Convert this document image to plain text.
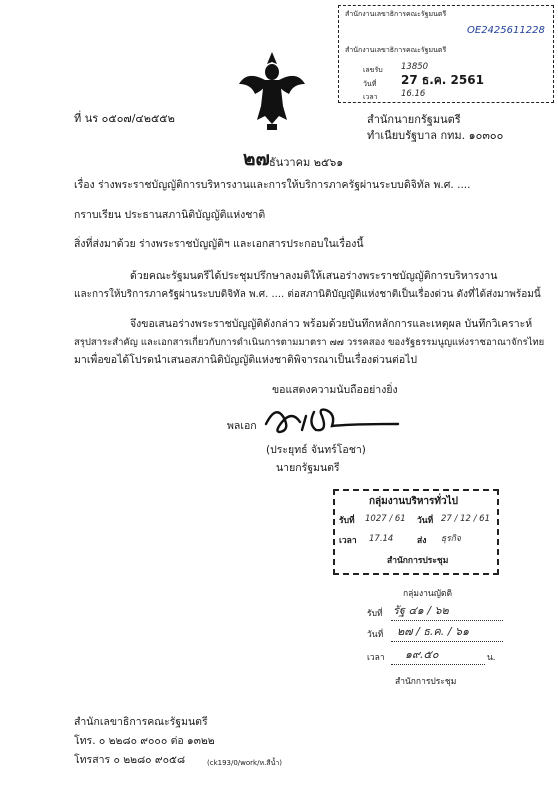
สำนักงานเลขาธิการคณะรัฐมนตรี
OE2425611228
สำนักงานเลขาธิการคณะรัฐมนตรี
เลขรับ 13850
วันที่ 27 ธ.ค. 2561
เวลา	16.16
ที่ นร ๐๕๐๗/๔๒๕๕๒	สำนักนายกรัฐมนตรี
ทำเนียบรัฐบาล กทม. ๑๐๓๐๐
๒๗ ธันวาคม ๒๕๖๑
เรื่อง ร่างพระราชบัญญัติการบริหารงานและการให้บริการภาครัฐผ่านระบบดิจิทัล พ.ศ. ....
กราบเรียน ประธานสภานิติบัญญัติแห่งชาติ
สิ่งที่ส่งมาด้วย ร่างพระราชบัญญัติฯ และเอกสารประกอบในเรื่องนี้
ด้วยคณะรัฐมนตรีได้ประชุมปรึกษาลงมติให้เสนอร่างพระราชบัญญัติการบริหารงาน
และการให้บริการภาครัฐผ่านระบบดิจิทัล พ.ศ. .... ต่อสภานิติบัญญัติแห่งชาติเป็นเรื่องด่วน ดังที่ได้ส่งมาพร้อมนี้
จึงขอเสนอร่างพระราชบัญญัติดังกล่าว พร้อมด้วยบันทึกหลักการและเหตุผล บันทึกวิเคราะห์
สรุปสาระสำคัญ และเอกสารเกี่ยวกับการดำเนินการตามมาตรา ๗๗ วรรคสอง ของรัฐธรรมนูญแห่งราชอาณาจักรไทย
มาเพื่อขอได้โปรดนำเสนอสภานิติบัญญัติแห่งชาติพิจารณาเป็นเรื่องด่วนต่อไป
ขอแสดงความนับถืออย่างยิ่ง
พลเอก
(ประยุทธ์ จันทร์โอชา)
นายกรัฐมนตรี
กลุ่มงานบริหารทั่วไป
รับที่ 1027 / 61 วันที่ 27 / 12 / 61
เวลา 17.14	ส่ง ธุรกิจ
สำนักการประชุม
กลุ่มงานญัตติ
รับที่ รัฐ ๔๑ / ๖๒
วันที่ ๒๗ / ธ.ค. / ๖๑
เวลา ๑๙.๕๐	น.
สำนักการประชุม
สำนักเลขาธิการคณะรัฐมนตรี
โทร. ๐ ๒๒๘๐ ๙๐๐๐ ต่อ ๑๓๒๒
โทรสาร ๐ ๒๒๘๐ ๙๐๕๘	(ck193/0/work/ห.สีน้ำ)
